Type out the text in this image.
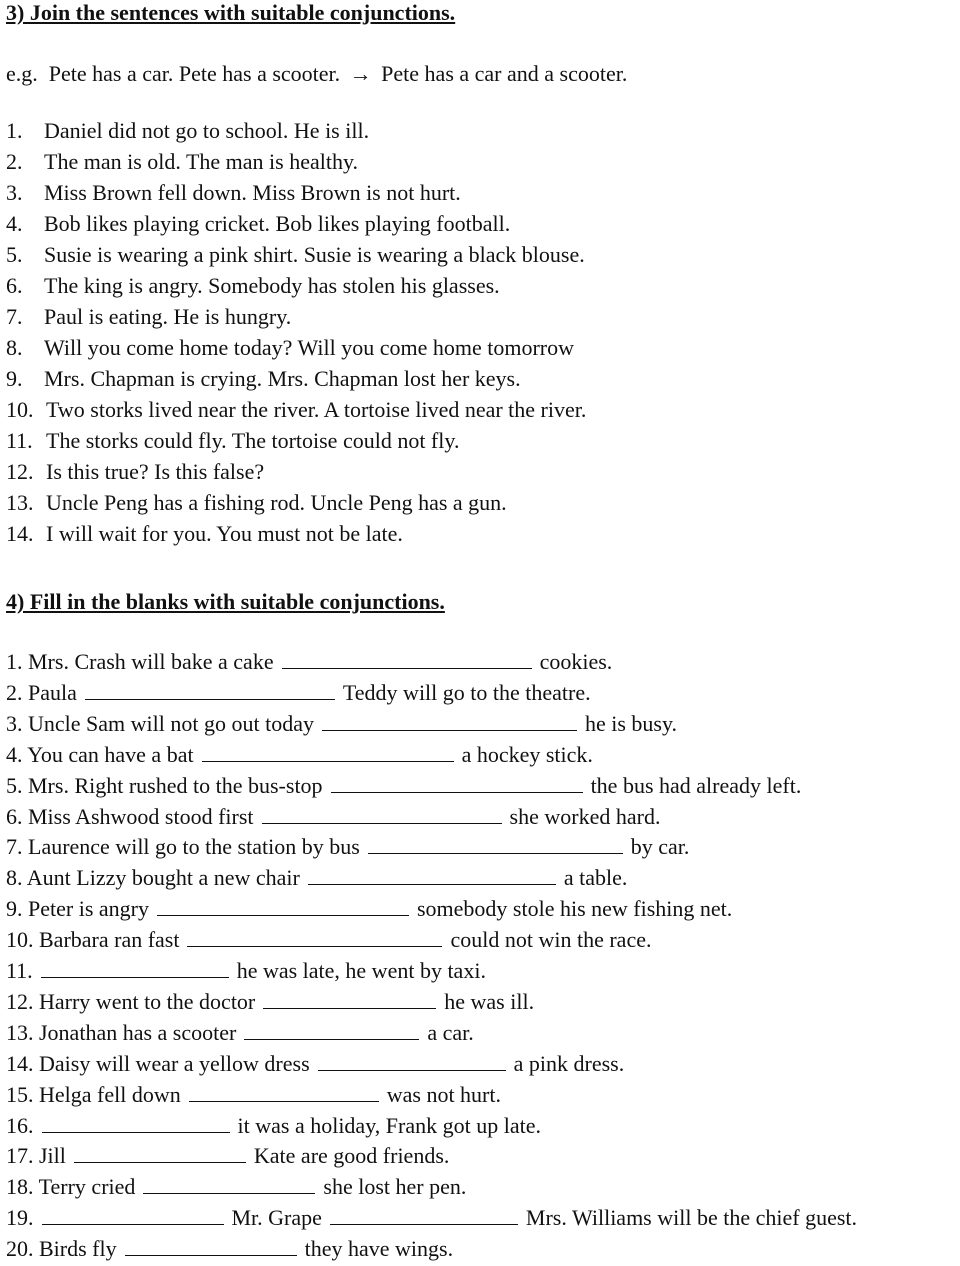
3) Join the sentences with suitable conjunctions.
e.g. Pete has a car. Pete has a scooter. → Pete has a car and a scooter.
1. Daniel did not go to school. He is ill.
2. The man is old. The man is healthy.
3. Miss Brown fell down. Miss Brown is not hurt.
4. Bob likes playing cricket. Bob likes playing football.
5. Susie is wearing a pink shirt. Susie is wearing a black blouse.
6. The king is angry. Somebody has stolen his glasses.
7. Paul is eating. He is hungry.
8. Will you come home today? Will you come home tomorrow
9. Mrs. Chapman is crying. Mrs. Chapman lost her keys.
10. Two storks lived near the river. A tortoise lived near the river.
11. The storks could fly. The tortoise could not fly.
12. Is this true? Is this false?
13. Uncle Peng has a fishing rod. Uncle Peng has a gun.
14. I will wait for you. You must not be late.
4) Fill in the blanks with suitable conjunctions.
1. Mrs. Crash will bake a cake	cookies.
2. Paula	Teddy will go to the theatre.
3. Uncle Sam will not go out today	he is busy.
4. You can have a bat	a hockey stick.
5. Mrs. Right rushed to the bus-stop	the bus had already left.
6. Miss Ashwood stood first	she worked hard.
7. Laurence will go to the station by bus	by car.
8. Aunt Lizzy bought a new chair	a table.
9. Peter is angry	somebody stole his new fishing net.
10. Barbara ran fast	could not win the race.
11.	he was late, he went by taxi.
12. Harry went to the doctor	he was ill.
13. Jonathan has a scooter	a car.
14. Daisy will wear a yellow dress	a pink dress.
15. Helga fell down	was not hurt.
16.	it was a holiday, Frank got up late.
17. Jill	Kate are good friends.
18. Terry cried	she lost her pen.
19.	Mr. Grape	Mrs. Williams will be the chief guest.
20. Birds fly	they have wings.
